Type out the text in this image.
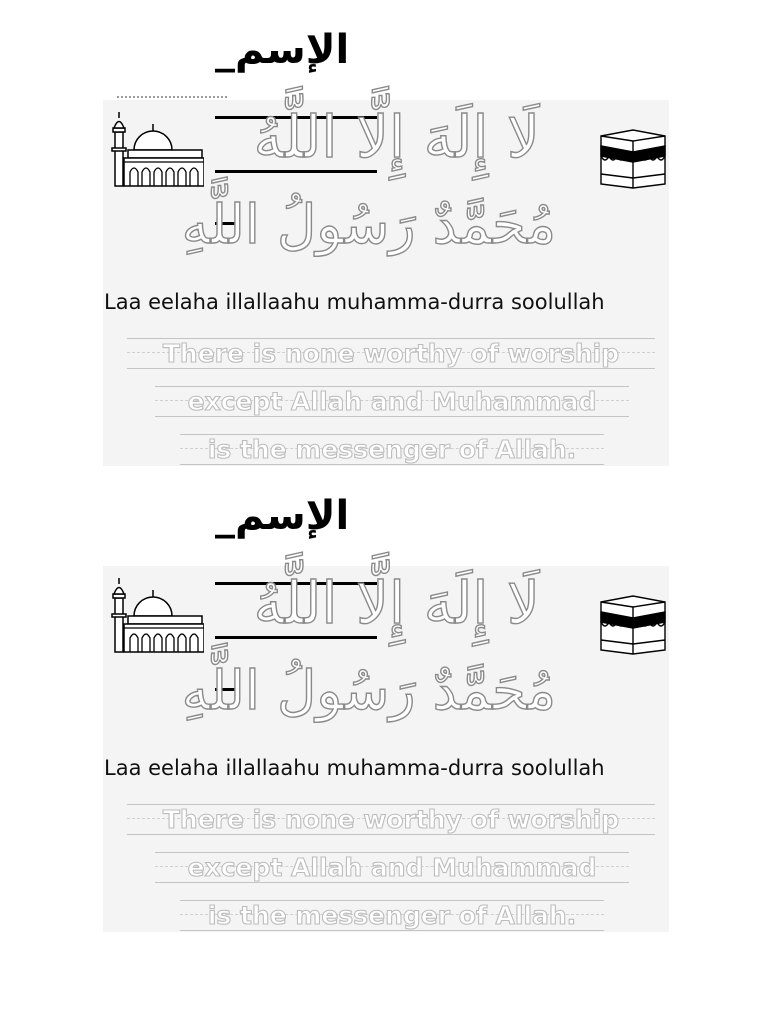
الإسم_
لَا إِلَهَ إِلَّا اللَّهُ
مُحَمَّدٌ رَسُولُ اللَّهِ
Laa eelaha illallaahu muhamma-durra soolullah
There is none worthy of worship
except Allah and Muhammad
is the messenger of Allah.
الإسم_
لَا إِلَهَ إِلَّا اللَّهُ
مُحَمَّدٌ رَسُولُ اللَّهِ
Laa eelaha illallaahu muhamma-durra soolullah
There is none worthy of worship
except Allah and Muhammad
is the messenger of Allah.
